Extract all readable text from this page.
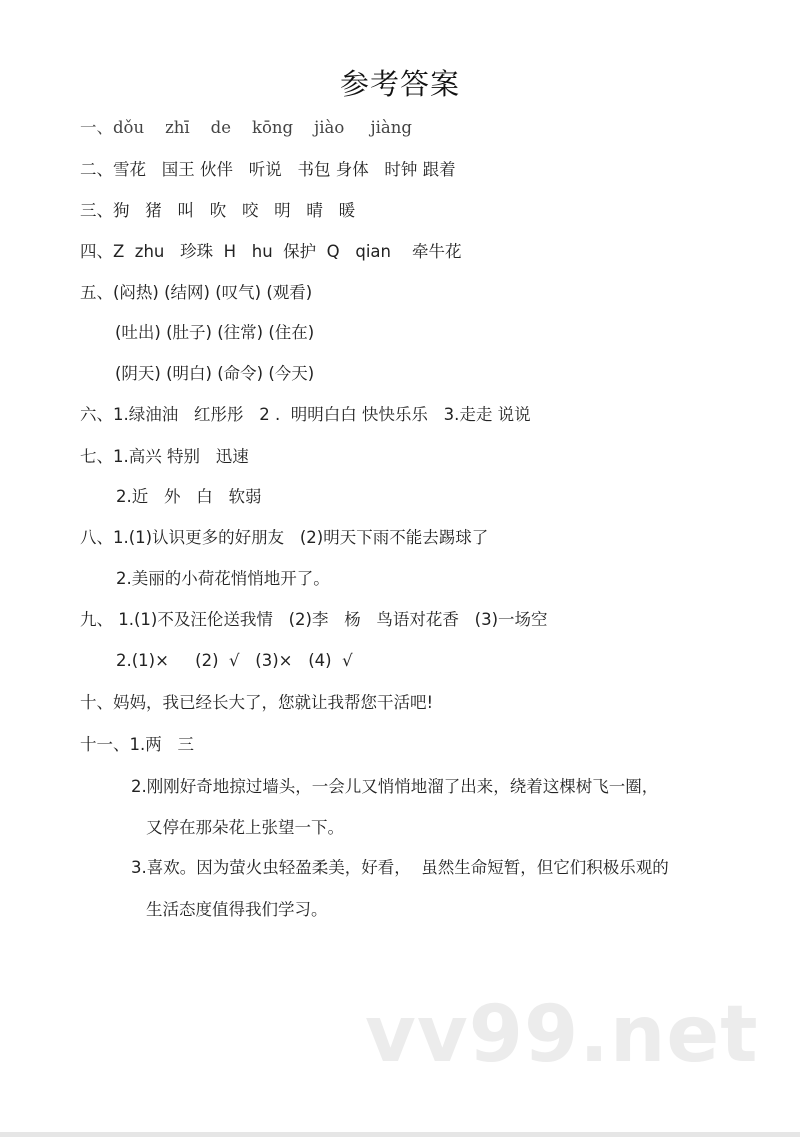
参考答案
一、dǒu    zhī    de    kōng    jiào     jiàng
二、雪花   国王 伙伴   听说   书包 身体   时钟 跟着
三、狗   猪   叫   吹   咬   明   晴   暖
四、Z  zhu   珍珠  H   hu  保护  Q   qian    牵牛花
五、(闷热) (结网) (叹气) (观看)
(吐出) (肚子) (往常) (住在)
(阴天) (明白) (命令) (今天)
六、1.绿油油   红彤彤   2 .  明明白白 快快乐乐   3.走走 说说
七、1.高兴 特别   迅速
2.近   外   白   软弱
八、1.(1)认识更多的好朋友   (2)明天下雨不能去踢球了
2.美丽的小荷花悄悄地开了。
九、 1.(1)不及汪伦送我情   (2)李   杨   鸟语对花香   (3)一场空
2.(1)×     (2)  √   (3)×   (4)  √
十、妈妈，我已经长大了，您就让我帮您干活吧!
十一、1.两   三
2.刚刚好奇地掠过墙头，一会儿又悄悄地溜了出来，绕着这棵树飞一圈，
又停在那朵花上张望一下。
3.喜欢。因为萤火虫轻盈柔美，好看，  虽然生命短暂，但它们积极乐观的
生活态度值得我们学习。
vv99.net
